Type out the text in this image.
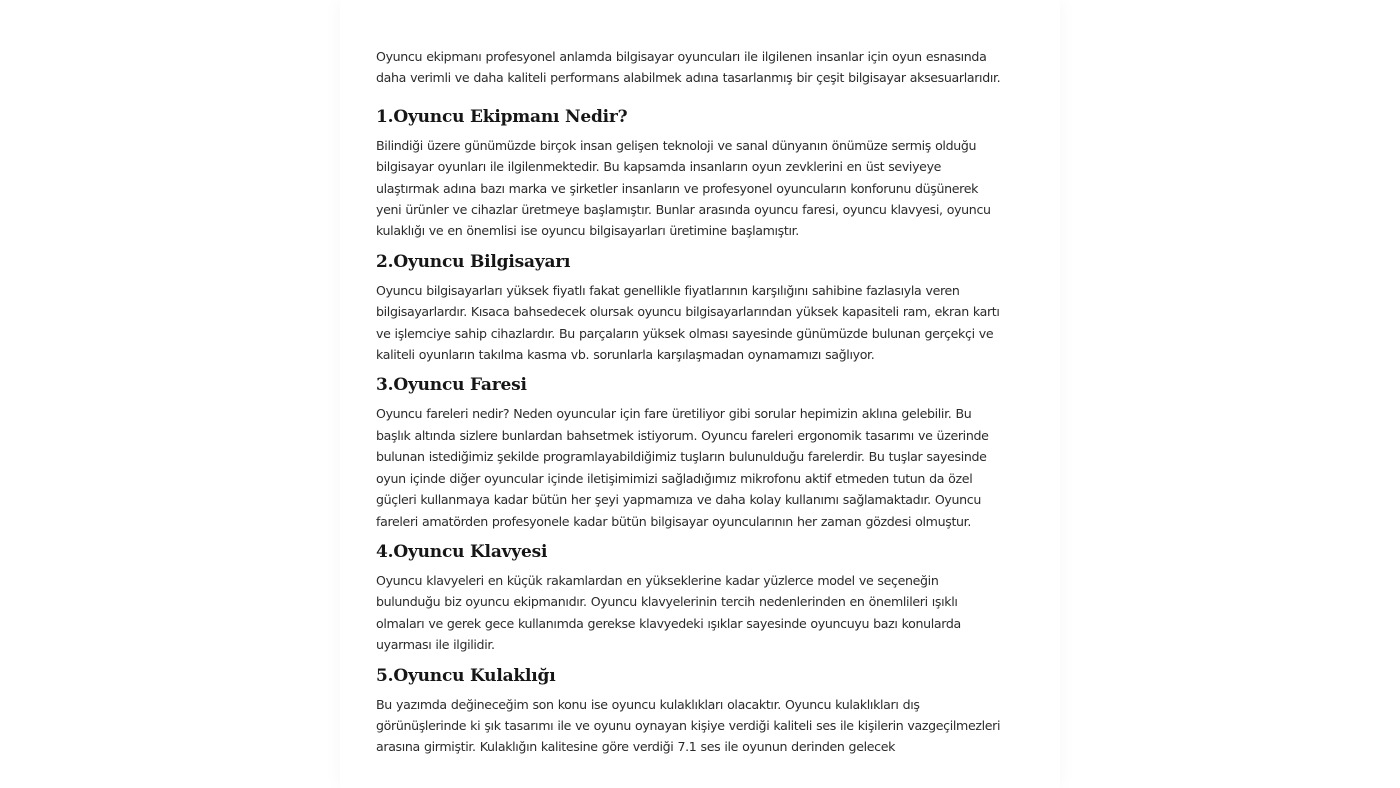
Oyuncu ekipmanı profesyonel anlamda bilgisayar oyuncuları ile ilgilenen insanlar için oyun esnasında daha verimli ve daha kaliteli performans alabilmek adına tasarlanmış bir çeşit bilgisayar aksesuarlarıdır.

1.Oyuncu Ekipmanı Nedir?

Bilindiği üzere günümüzde birçok insan gelişen teknoloji ve sanal dünyanın önümüze sermiş olduğu bilgisayar oyunları ile ilgilenmektedir. Bu kapsamda insanların oyun zevklerini en üst seviyeye ulaştırmak adına bazı marka ve şirketler insanların ve profesyonel oyuncuların konforunu düşünerek yeni ürünler ve cihazlar üretmeye başlamıştır. Bunlar arasında oyuncu faresi, oyuncu klavyesi, oyuncu kulaklığı ve en önemlisi ise oyuncu bilgisayarları üretimine başlamıştır.

2.Oyuncu Bilgisayarı

Oyuncu bilgisayarları yüksek fiyatlı fakat genellikle fiyatlarının karşılığını sahibine fazlasıyla veren bilgisayarlardır. Kısaca bahsedecek olursak oyuncu bilgisayarlarından yüksek kapasiteli ram, ekran kartı ve işlemciye sahip cihazlardır. Bu parçaların yüksek olması sayesinde günümüzde bulunan gerçekçi ve kaliteli oyunların takılma kasma vb. sorunlarla karşılaşmadan oynamamızı sağlıyor.

3.Oyuncu Faresi

Oyuncu fareleri nedir? Neden oyuncular için fare üretiliyor gibi sorular hepimizin aklına gelebilir. Bu başlık altında sizlere bunlardan bahsetmek istiyorum. Oyuncu fareleri ergonomik tasarımı ve üzerinde bulunan istediğimiz şekilde programlayabildiğimiz tuşların bulunulduğu farelerdir. Bu tuşlar sayesinde oyun içinde diğer oyuncular içinde iletişimimizi sağladığımız mikrofonu aktif etmeden tutun da özel güçleri kullanmaya kadar bütün her şeyi yapmamıza ve daha kolay kullanımı sağlamaktadır. Oyuncu fareleri amatörden profesyonele kadar bütün bilgisayar oyuncularının her zaman gözdesi olmuştur.

4.Oyuncu Klavyesi

Oyuncu klavyeleri en küçük rakamlardan en yükseklerine kadar yüzlerce model ve seçeneğin bulunduğu biz oyuncu ekipmanıdır. Oyuncu klavyelerinin tercih nedenlerinden en önemlileri ışıklı olmaları ve gerek gece kullanımda gerekse klavyedeki ışıklar sayesinde oyuncuyu bazı konularda uyarması ile ilgilidir.

5.Oyuncu Kulaklığı

Bu yazımda değineceğim son konu ise oyuncu kulaklıkları olacaktır. Oyuncu kulaklıkları dış görünüşlerinde ki şık tasarımı ile ve oyunu oynayan kişiye verdiği kaliteli ses ile kişilerin vazgeçilmezleri arasına girmiştir. Kulaklığın kalitesine göre verdiği 7.1 ses ile oyunun derinden gelecek
